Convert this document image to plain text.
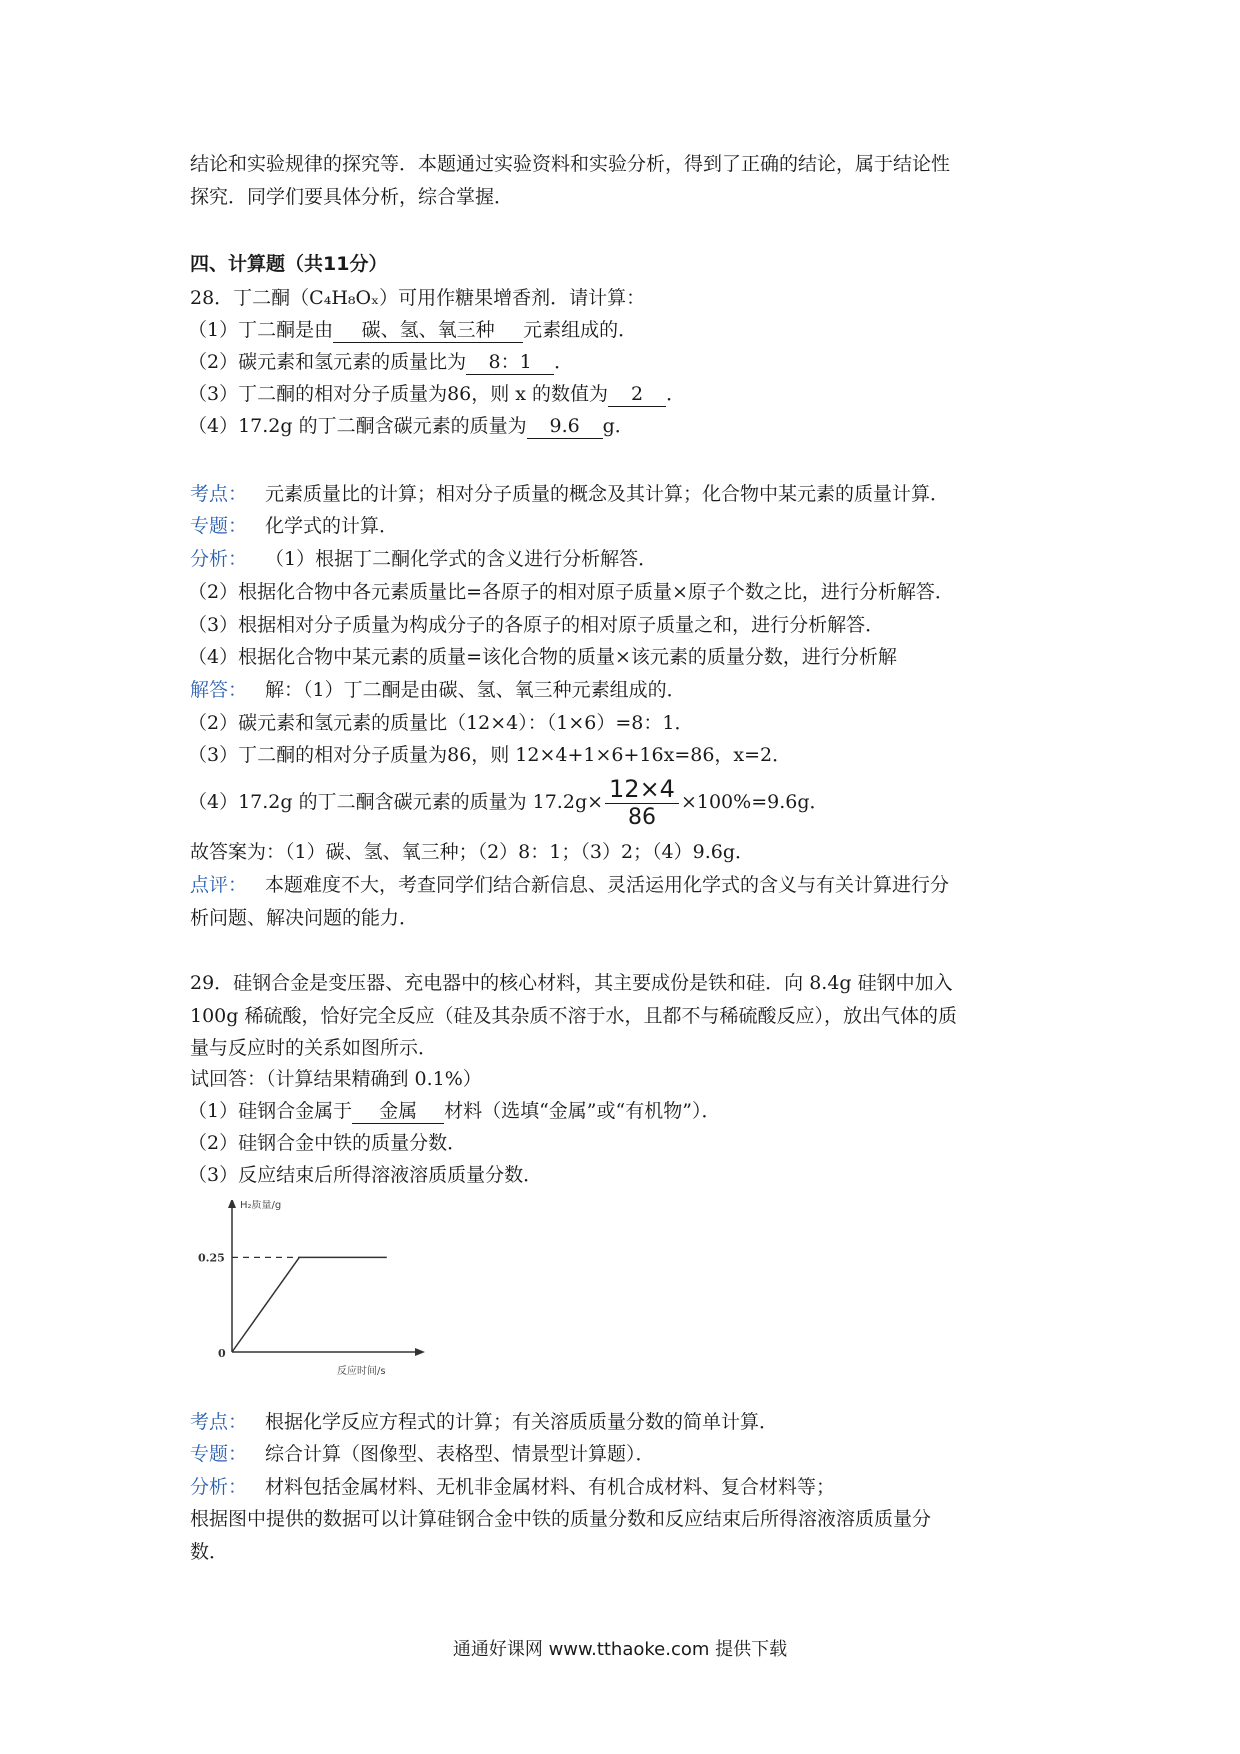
结论和实验规律的探究等．本题通过实验资料和实验分析，得到了正确的结论，属于结论性
探究．同学们要具体分析，综合掌握．
四、计算题（共11分）
28．丁二酮（C₄H₈Oₓ）可用作糖果增香剂．请计算：
（1）丁二酮是由 碳、氢、氧三种 元素组成的．
（2）碳元素和氢元素的质量比为 8：1 ．
（3）丁二酮的相对分子质量为86，则 x 的数值为 2 ．
（4）17.2g 的丁二酮含碳元素的质量为 9.6 g．
考点： 元素质量比的计算；相对分子质量的概念及其计算；化合物中某元素的质量计算．
专题： 化学式的计算．
分析： （1）根据丁二酮化学式的含义进行分析解答．
（2）根据化合物中各元素质量比=各原子的相对原子质量×原子个数之比，进行分析解答．
（3）根据相对分子质量为构成分子的各原子的相对原子质量之和，进行分析解答．
（4）根据化合物中某元素的质量=该化合物的质量×该元素的质量分数，进行分析解
解答： 解：（1）丁二酮是由碳、氢、氧三种元素组成的．
（2）碳元素和氢元素的质量比（12×4）：（1×6）=8：1．
（3）丁二酮的相对分子质量为86，则 12×4+1×6+16x=86，x=2．
（4）17.2g 的丁二酮含碳元素的质量为 $17.2g\times \frac{12\times 4}{86} \times 100\%=9.6g$．
故答案为：（1）碳、氢、氧三种；（2）8：1；（3）2；（4）9.6g．
点评： 本题难度不大，考查同学们结合新信息、灵活运用化学式的含义与有关计算进行分
析问题、解决问题的能力．
29．硅钢合金是变压器、充电器中的核心材料，其主要成份是铁和硅．向 8.4g 硅钢中加入
100g 稀硫酸，恰好完全反应（硅及其杂质不溶于水，且都不与稀硫酸反应），放出气体的质
量与反应时的关系如图所示．
试回答：（计算结果精确到 0.1%）
（1）硅钢合金属于 金属 材料（选填“金属”或“有机物”）．
（2）硅钢合金中铁的质量分数．
（3）反应结束后所得溶液溶质质量分数．
0.25
0
H₂质量/g
反应时间/s
考点： 根据化学反应方程式的计算；有关溶质质量分数的简单计算．
专题： 综合计算（图像型、表格型、情景型计算题）．
分析： 材料包括金属材料、无机非金属材料、有机合成材料、复合材料等；
根据图中提供的数据可以计算硅钢合金中铁的质量分数和反应结束后所得溶液溶质质量分
数．
通通好课网 www.tthaoke.com 提供下载
